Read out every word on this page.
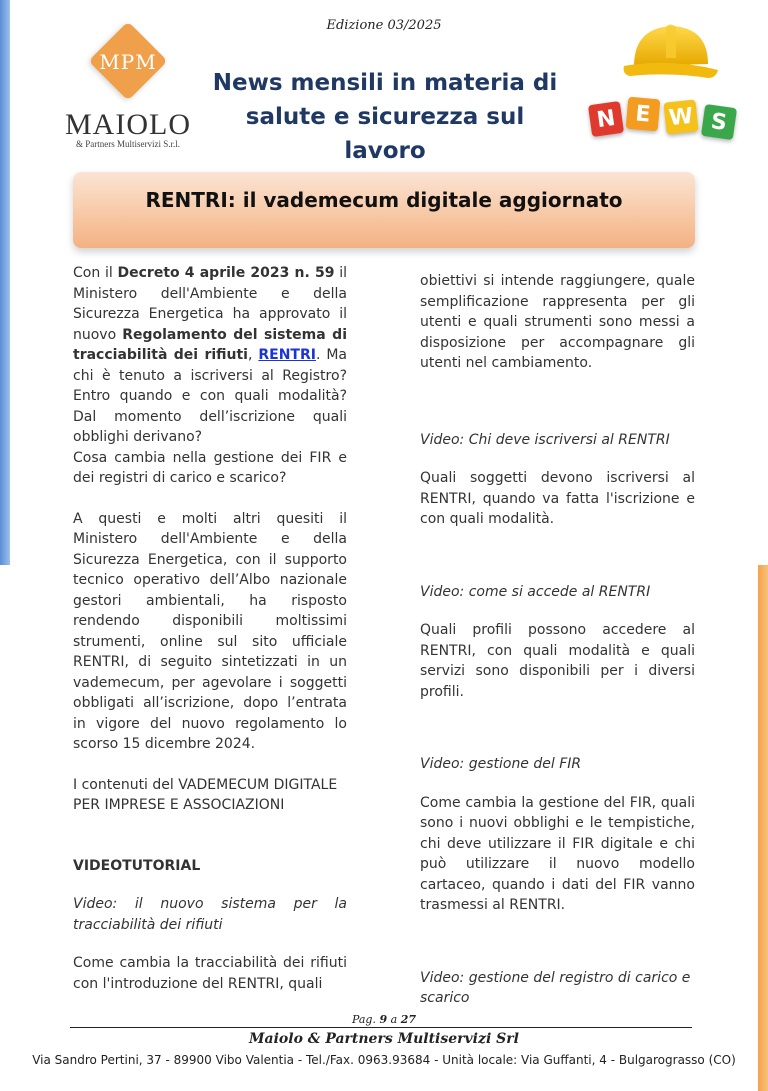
Edizione 03/2025
MPM
MAIOLO
& Partners Multiservizi S.r.l.
News mensili in materia di
salute e sicurezza sul lavoro
N E W S
RENTRI: il vademecum digitale aggiornato

Con il Decreto 4 aprile 2023 n. 59 il Ministero dell'Ambiente e della Sicurezza Energetica ha approvato il nuovo Regolamento del sistema di tracciabilità dei rifiuti, RENTRI. Ma chi è tenuto a iscriversi al Registro? Entro quando e con quali modalità? Dal momento dell’iscrizione quali obblighi derivano?

Cosa cambia nella gestione dei FIR e dei registri di carico e scarico?

A questi e molti altri quesiti il Ministero dell'Ambiente e della Sicurezza Energetica, con il supporto tecnico operativo dell’Albo nazionale gestori ambientali, ha risposto rendendo disponibili moltissimi strumenti, online sul sito ufficiale RENTRI, di seguito sintetizzati in un vademecum, per agevolare i soggetti obbligati all’iscrizione, dopo l’entrata in vigore del nuovo regolamento lo scorso 15 dicembre 2024.

I contenuti del VADEMECUM DIGITALE PER IMPRESE E ASSOCIAZIONI

VIDEOTUTORIAL

Video: il nuovo sistema per la tracciabilità dei rifiuti

Come cambia la tracciabilità dei rifiuti con l'introduzione del RENTRI, quali

obiettivi si intende raggiungere, quale semplificazione rappresenta per gli utenti e quali strumenti sono messi a disposizione per accompagnare gli utenti nel cambiamento.

Video: Chi deve iscriversi al RENTRI

Quali soggetti devono iscriversi al RENTRI, quando va fatta l'iscrizione e con quali modalità.

Video: come si accede al RENTRI

Quali profili possono accedere al RENTRI, con quali modalità e quali servizi sono disponibili per i diversi profili.

Video: gestione del FIR

Come cambia la gestione del FIR, quali sono i nuovi obblighi e le tempistiche, chi deve utilizzare il FIR digitale e chi può utilizzare il nuovo modello cartaceo, quando i dati del FIR vanno trasmessi al RENTRI.

Video: gestione del registro di carico e scarico

Pag. 9 a 27
Maiolo & Partners Multiservizi Srl
Via Sandro Pertini, 37 - 89900 Vibo Valentia - Tel./Fax. 0963.93684 - Unità locale: Via Guffanti, 4 - Bulgarograsso (CO)
